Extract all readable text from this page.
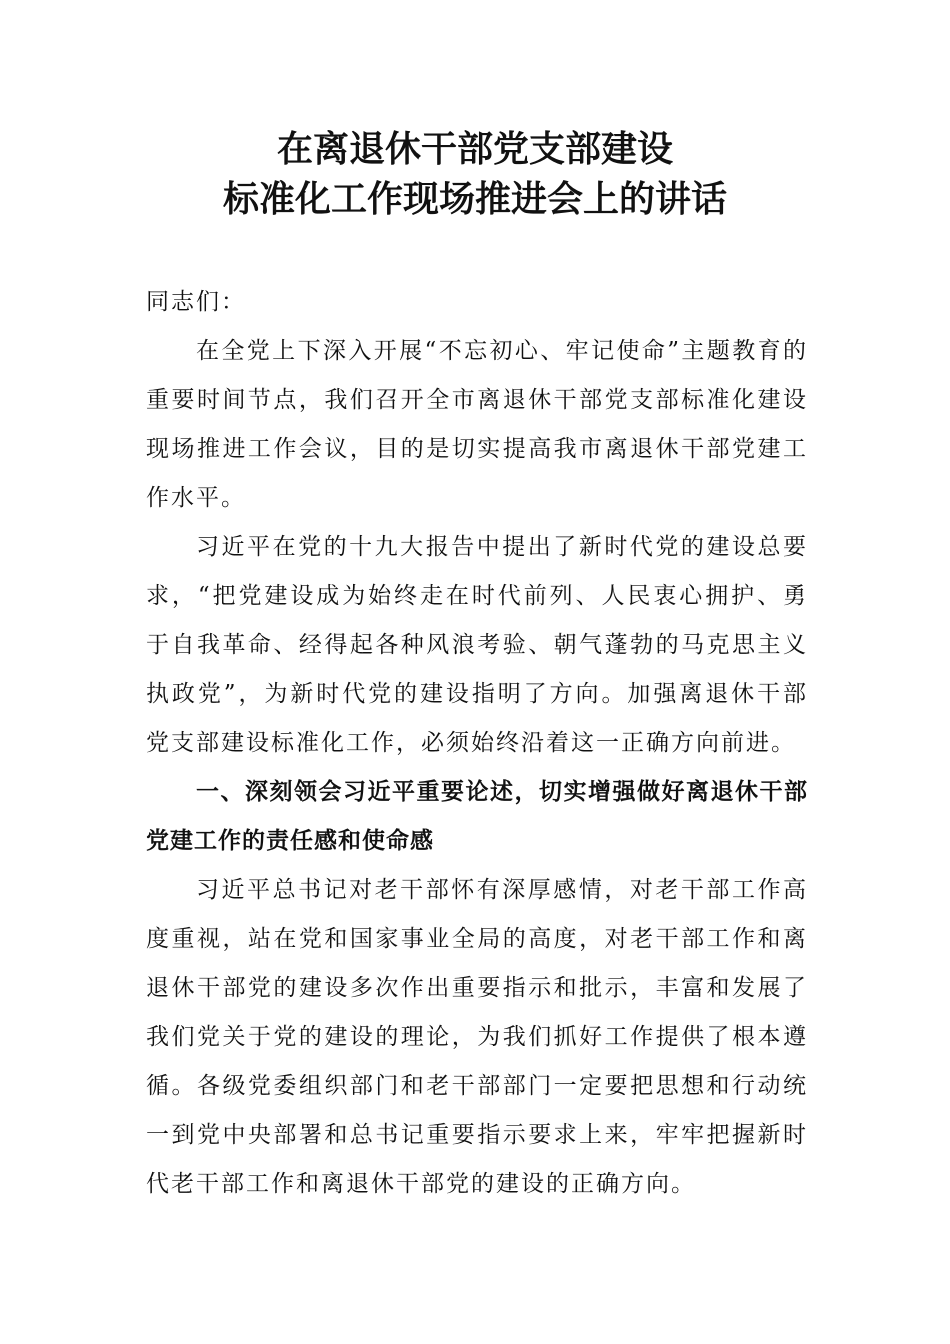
在离退休干部党支部建设
标准化工作现场推进会上的讲话

同志们：

在全党上下深入开展“不忘初心、牢记使命”主题教育的重要时间节点，我们召开全市离退休干部党支部标准化建设现场推进工作会议，目的是切实提高我市离退休干部党建工作水平。

习近平在党的十九大报告中提出了新时代党的建设总要求，“把党建设成为始终走在时代前列、人民衷心拥护、勇于自我革命、经得起各种风浪考验、朝气蓬勃的马克思主义执政党”，为新时代党的建设指明了方向。加强离退休干部党支部建设标准化工作，必须始终沿着这一正确方向前进。

一、深刻领会习近平重要论述，切实增强做好离退休干部党建工作的责任感和使命感

习近平总书记对老干部怀有深厚感情，对老干部工作高度重视，站在党和国家事业全局的高度，对老干部工作和离退休干部党的建设多次作出重要指示和批示，丰富和发展了我们党关于党的建设的理论，为我们抓好工作提供了根本遵循。各级党委组织部门和老干部部门一定要把思想和行动统一到党中央部署和总书记重要指示要求上来，牢牢把握新时代老干部工作和离退休干部党的建设的正确方向。
